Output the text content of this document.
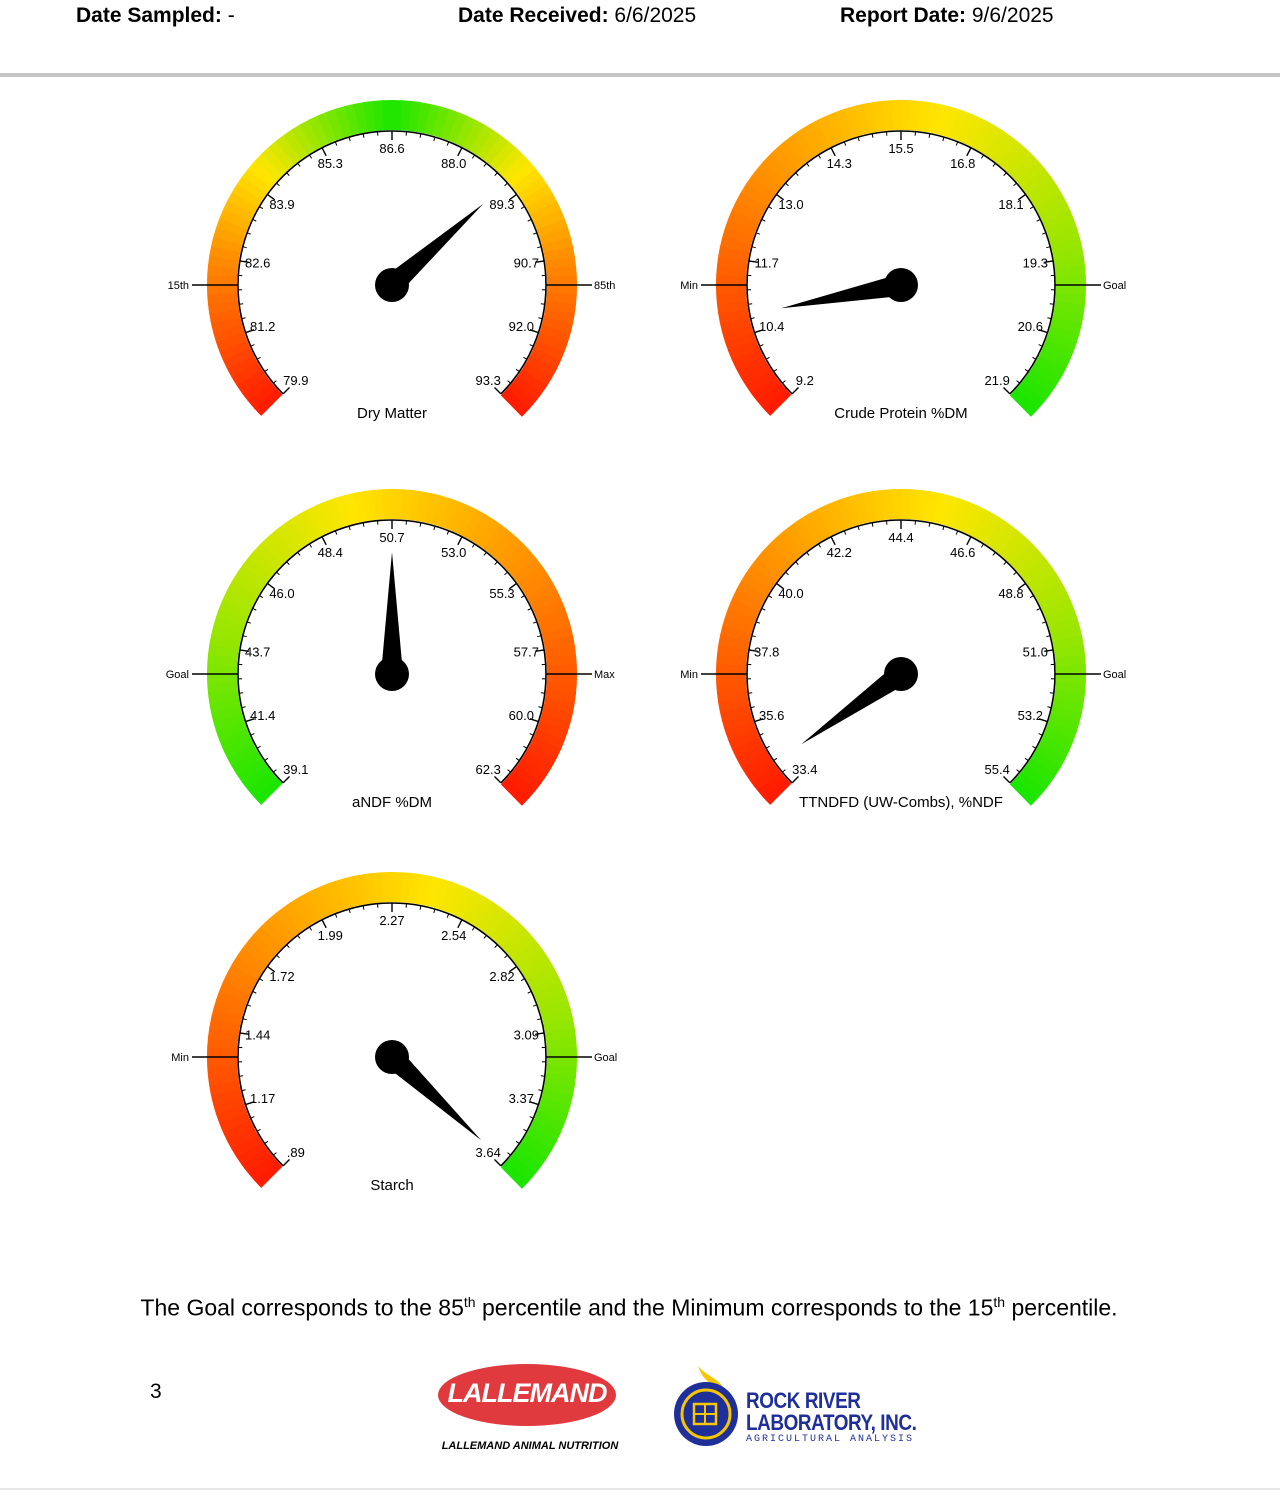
Date Sampled: -	Date Received: 6/6/2025	Report Date: 9/6/2025
79.9
81.2
82.6
83.9
85.3
86.6
88.0
89.3
90.7
92.0
93.3
15th	85th
Dry Matter
9.2
10.4
11.7
13.0
14.3
15.5
16.8
18.1
19.3
20.6
21.9
Min	Goal
Crude Protein %DM
39.1
41.4
43.7
46.0
48.4
50.7
53.0
55.3
57.7
60.0
62.3
Goal	Max
aNDF %DM
33.4
35.6
37.8
40.0
42.2
44.4
46.6
48.8
51.0
53.2
55.4
Min	Goal
TTNDFD (UW-Combs), %NDF
.89
1.17
1.44
1.72
1.99
2.27
2.54
2.82
3.09
3.37
3.64
Min	Goal
Starch
The Goal corresponds to the 85th percentile and the Minimum corresponds to the 15th percentile.
3	LALLEMAND
LALLEMAND ANIMAL NUTRITION
ROCK RIVER
LABORATORY, INC.
AGRICULTURAL ANALYSIS
